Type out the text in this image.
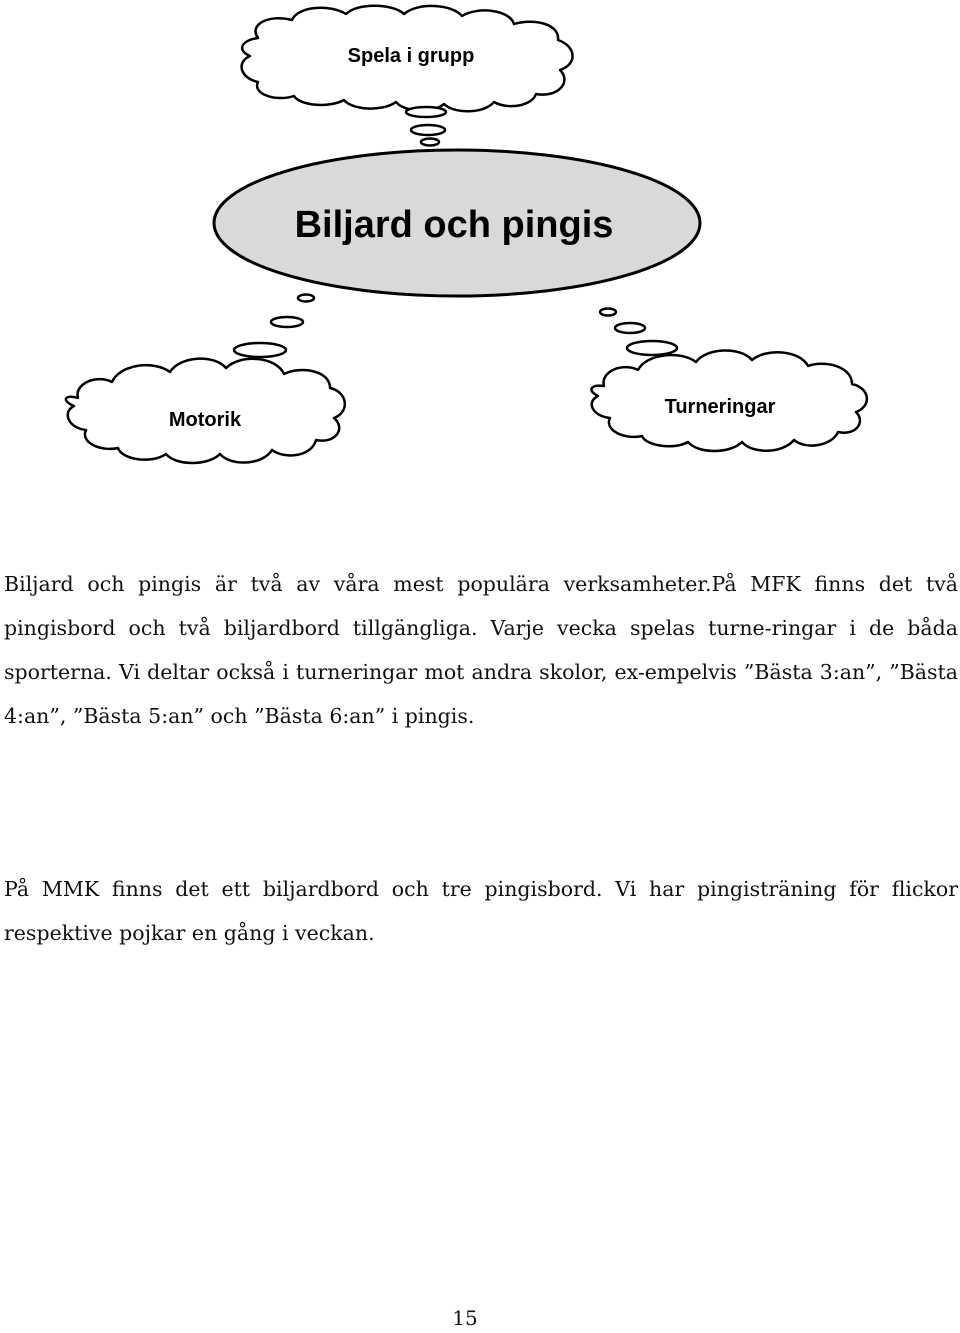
Spela i grupp
Biljard och pingis
Motorik
Turneringar

Biljard och pingis är två av våra mest populära verksamheter.På MFK finns det två pingisbord och två biljardbord tillgängliga. Varje vecka spelas turne-ringar i de båda sporterna. Vi deltar också i turneringar mot andra skolor, ex-empelvis ”Bästa 3:an”, ”Bästa 4:an”, ”Bästa 5:an” och ”Bästa 6:an” i pingis.

På MMK finns det ett biljardbord och tre pingisbord. Vi har pingisträning för flickor respektive pojkar en gång i veckan.

15
